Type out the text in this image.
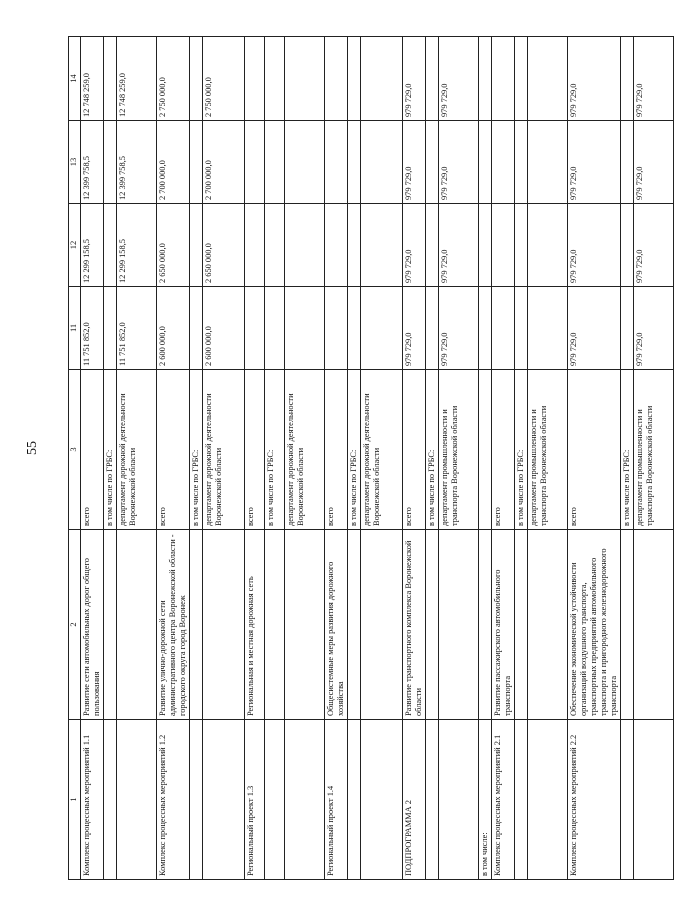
55
1	2	3	11	12	13	14
Комплекс процессных мероприятий 1.1	Развитие сети автомобильных дорог общего пользования	всего	11 751 852,0	12 299 158,5	12 399 758,5	12 748 259,0
		в том числе по ГРБС:				
		департамент дорожной деятельности Воронежской области	11 751 852,0	12 299 158,5	12 399 758,5	12 748 259,0
Комплекс процессных мероприятий 1.2	Развитие улично-дорожной сети административного центра Воронежской области - городского округа город Воронеж	всего	2 600 000,0	2 650 000,0	2 700 000,0	2 750 000,0
		в том числе по ГРБС:				
		департамент дорожной деятельности Воронежской области	2 600 000,0	2 650 000,0	2 700 000,0	2 750 000,0
Региональный проект 1.3	Региональная и местная дорожная сеть	всего				
		в том числе по ГРБС:				
		департамент дорожной деятельности Воронежской области				
Региональный проект 1.4	Общесистемные меры развития дорожного хозяйства	всего				
		в том числе по ГРБС:				
		департамент дорожной деятельности Воронежской области				
ПОДПРОГРАММА 2	Развитие транспортного комплекса Воронежской области	всего	979 729,0	979 729,0	979 729,0	979 729,0
		в том числе по ГРБС:				
		департамент промышленности и транспорта Воронежской области	979 729,0	979 729,0	979 729,0	979 729,0
в том числе:						
Комплекс процессных мероприятий 2.1	Развитие пассажирского автомобильного транспорта	всего				
		в том числе по ГРБС:				
		департамент промышленности и транспорта Воронежской области				
Комплекс процессных мероприятий 2.2	Обеспечение экономической устойчивости организаций воздушного транспорта, транспортных предприятий автомобильного транспорта и пригородного железнодорожного транспорта	всего	979 729,0	979 729,0	979 729,0	979 729,0
		в том числе по ГРБС:				
		департамент промышленности и транспорта Воронежской области	979 729,0	979 729,0	979 729,0	979 729,0
